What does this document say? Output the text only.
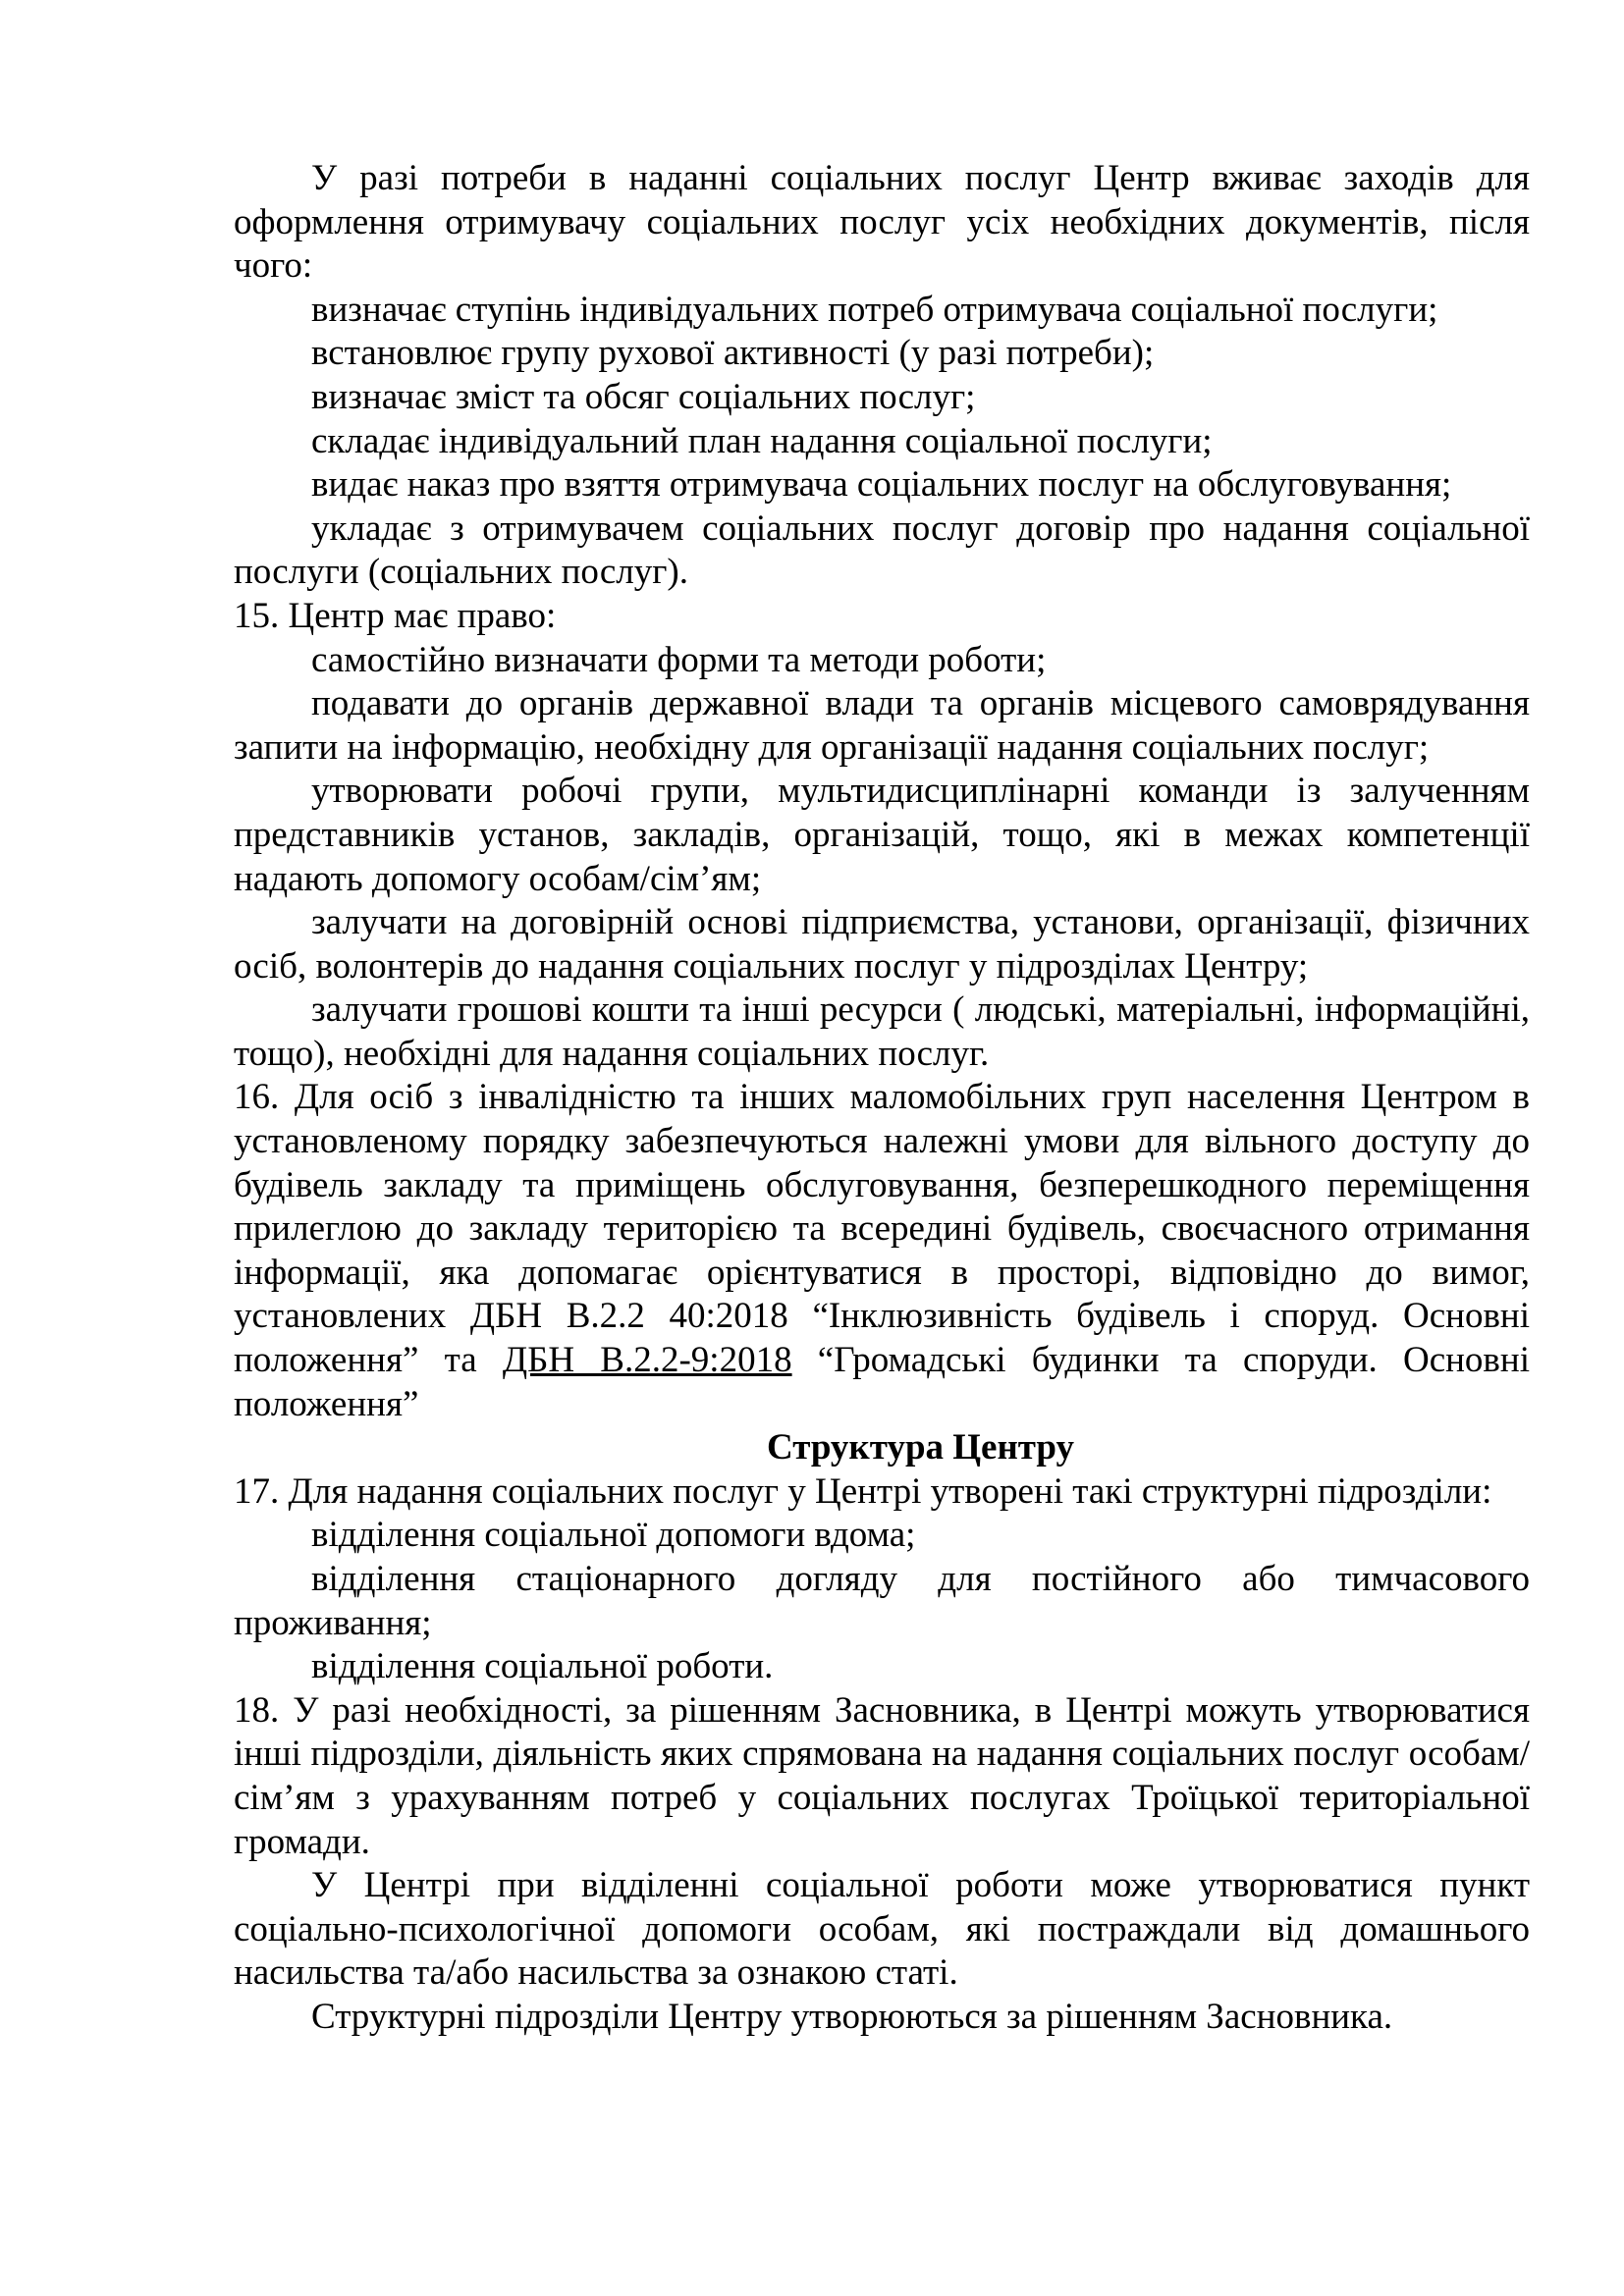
У разі потреби в наданні соціальних послуг Центр вживає заходів для оформлення отримувачу соціальних послуг усіх необхідних документів, після чого:

визначає ступінь індивідуальних потреб отримувача соціальної послуги;

встановлює групу рухової активності (у разі потреби);

визначає зміст та обсяг соціальних послуг;

складає індивідуальний план надання соціальної послуги;

видає наказ про взяття отримувача соціальних послуг на обслуговування;

укладає з отримувачем соціальних послуг договір про надання соціальної послуги (соціальних послуг).

15. Центр має право:

самостійно визначати форми та методи роботи;

подавати до органів державної влади та органів місцевого самоврядування запити на інформацію, необхідну для організації надання соціальних послуг;

утворювати робочі групи, мультидисциплінарні команди із залученням представників установ, закладів, організацій, тощо, які в межах компетенції надають допомогу особам/сім’ям;

залучати на договірній основі підприємства, установи, організації, фізичних осіб, волонтерів до надання соціальних послуг у підрозділах Центру;

залучати грошові кошти та інші ресурси ( людські, матеріальні, інформаційні, тощо), необхідні для надання соціальних послуг.

16. Для осіб з інвалідністю та інших маломобільних груп населення Центром в установленому порядку забезпечуються належні умови для вільного доступу до будівель закладу та приміщень обслуговування, безперешкодного переміщення прилеглою до закладу територією та всередині будівель, своєчасного отримання інформації, яка допомагає орієнтуватися в просторі, відповідно до вимог, установлених ДБН В.2.2 40:2018 “Інклюзивність будівель і споруд. Основні положення” та ДБН В.2.2-9:2018 “Громадські будинки та споруди. Основні положення”

Структура Центру

17. Для надання соціальних послуг у Центрі утворені такі структурні підрозділи:

відділення соціальної допомоги вдома;

відділення стаціонарного догляду для постійного або тимчасового проживання;

відділення соціальної роботи.

18. У разі необхідності, за рішенням Засновника, в Центрі можуть утворюватися інші підрозділи, діяльність яких спрямована на надання соціальних послуг особам/сім’ям з урахуванням потреб у соціальних послугах Троїцької територіальної громади.

У Центрі при відділенні соціальної роботи може утворюватися пункт соціально-психологічної допомоги особам, які постраждали від домашнього насильства та/або насильства за ознакою статі.

Структурні підрозділи Центру утворюються за рішенням Засновника.
